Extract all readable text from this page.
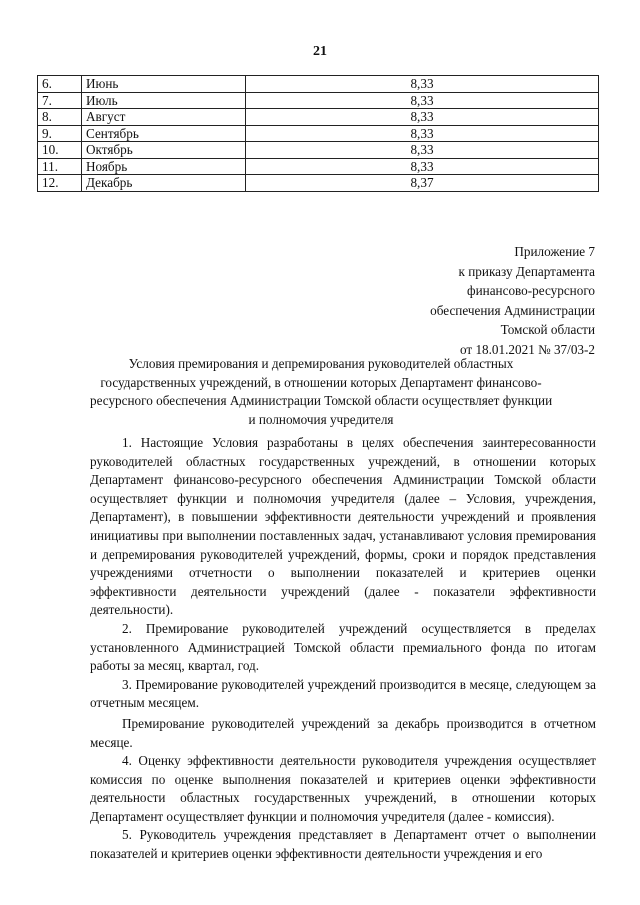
21
6.	Июнь	8,33
7.	Июль	8,33
8.	Август	8,33
9.	Сентябрь	8,33
10.	Октябрь	8,33
11.	Ноябрь	8,33
12.	Декабрь	8,37
Приложение 7
к приказу Департамента
финансово-ресурсного
обеспечения Администрации
Томской области
от 18.01.2021 № 37/03-2
Условия премирования и депремирования руководителей областных
государственных учреждений, в отношении которых Департамент финансово-
ресурсного обеспечения Администрации Томской области осуществляет функции
и полномочия учредителя

1. Настоящие Условия разработаны в целях обеспечения заинтересованности руководителей областных государственных учреждений, в отношении которых Департамент финансово-ресурсного обеспечения Администрации Томской области осуществляет функции и полномочия учредителя (далее – Условия, учреждения, Департамент), в повышении эффективности деятельности учреждений и проявления инициативы при выполнении поставленных задач, устанавливают условия премирования и депремирования руководителей учреждений, формы, сроки и порядок представления учреждениями отчетности о выполнении показателей и критериев оценки эффективности деятельности учреждений (далее - показатели эффективности деятельности).

2. Премирование руководителей учреждений осуществляется в пределах установленного Администрацией Томской области премиального фонда по итогам работы за месяц, квартал, год.

3. Премирование руководителей учреждений производится в месяце, следующем за отчетным месяцем.

Премирование руководителей учреждений за декабрь производится в отчетном месяце.

4. Оценку эффективности деятельности руководителя учреждения осуществляет комиссия по оценке выполнения показателей и критериев оценки эффективности деятельности областных государственных учреждений, в отношении которых Департамент осуществляет функции и полномочия учредителя (далее - комиссия).

5. Руководитель учреждения представляет в Департамент отчет о выполнении показателей и критериев оценки эффективности деятельности учреждения и его
